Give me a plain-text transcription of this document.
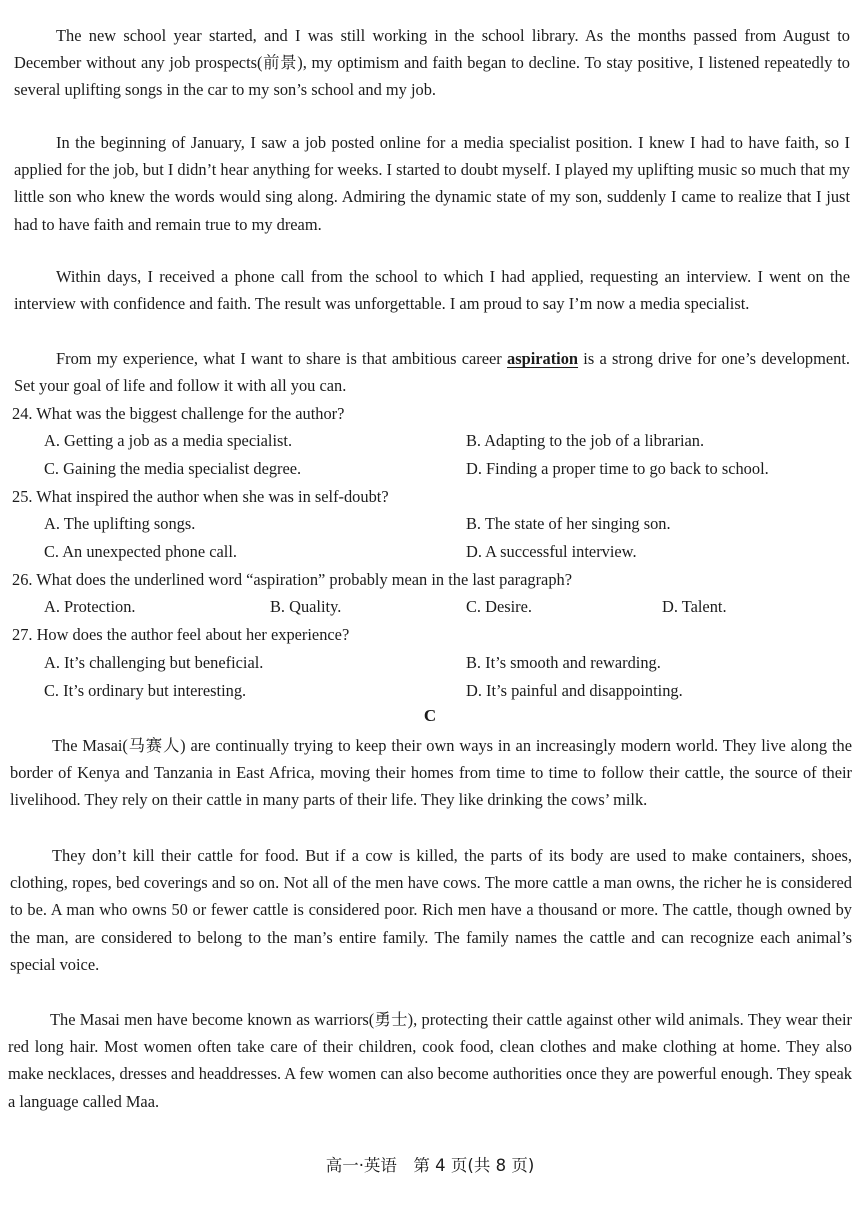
The new school year started, and I was still working in the school library. As the months passed from August to December without any job prospects(前景), my optimism and faith began to decline. To stay positive, I listened repeatedly to several uplifting songs in the car to my son’s school and my job.

In the beginning of January, I saw a job posted online for a media specialist position. I knew I had to have faith, so I applied for the job, but I didn’t hear anything for weeks. I started to doubt myself. I played my uplifting music so much that my little son who knew the words would sing along. Admiring the dynamic state of my son, suddenly I came to realize that I just had to have faith and remain true to my dream.

Within days, I received a phone call from the school to which I had applied, requesting an interview. I went on the interview with confidence and faith. The result was unforgettable. I am proud to say I’m now a media specialist.

From my experience, what I want to share is that ambitious career aspiration is a strong drive for one’s development. Set your goal of life and follow it with all you can.

24. What was the biggest challenge for the author?

A. Getting a job as a media specialist.	B. Adapting to the job of a librarian.

C. Gaining the media specialist degree.	D. Finding a proper time to go back to school.

25. What inspired the author when she was in self-doubt?

A. The uplifting songs.	B. The state of her singing son.

C. An unexpected phone call.	D. A successful interview.

26. What does the underlined word “aspiration” probably mean in the last paragraph?

A. Protection.	B. Quality.	C. Desire.	D. Talent.

27. How does the author feel about her experience?

A. It’s challenging but beneficial.	B. It’s smooth and rewarding.

C. It’s ordinary but interesting.	D. It’s painful and disappointing.

C

The Masai(马赛人) are continually trying to keep their own ways in an increasingly modern world. They live along the border of Kenya and Tanzania in East Africa, moving their homes from time to time to follow their cattle, the source of their livelihood. They rely on their cattle in many parts of their life. They like drinking the cows’ milk.

They don’t kill their cattle for food. But if a cow is killed, the parts of its body are used to make containers, shoes, clothing, ropes, bed coverings and so on. Not all of the men have cows. The more cattle a man owns, the richer he is considered to be. A man who owns 50 or fewer cattle is considered poor. Rich men have a thousand or more. The cattle, though owned by the man, are considered to belong to the man’s entire family. The family names the cattle and can recognize each animal’s special voice.

The Masai men have become known as warriors(勇士), protecting their cattle against other wild animals. They wear their red long hair. Most women often take care of their children, cook food, clean clothes and make clothing at home. They also make necklaces, dresses and headdresses. A few women can also become authorities once they are powerful enough. They speak a language called Maa.

高一·英语　第 4 页(共 8 页)
